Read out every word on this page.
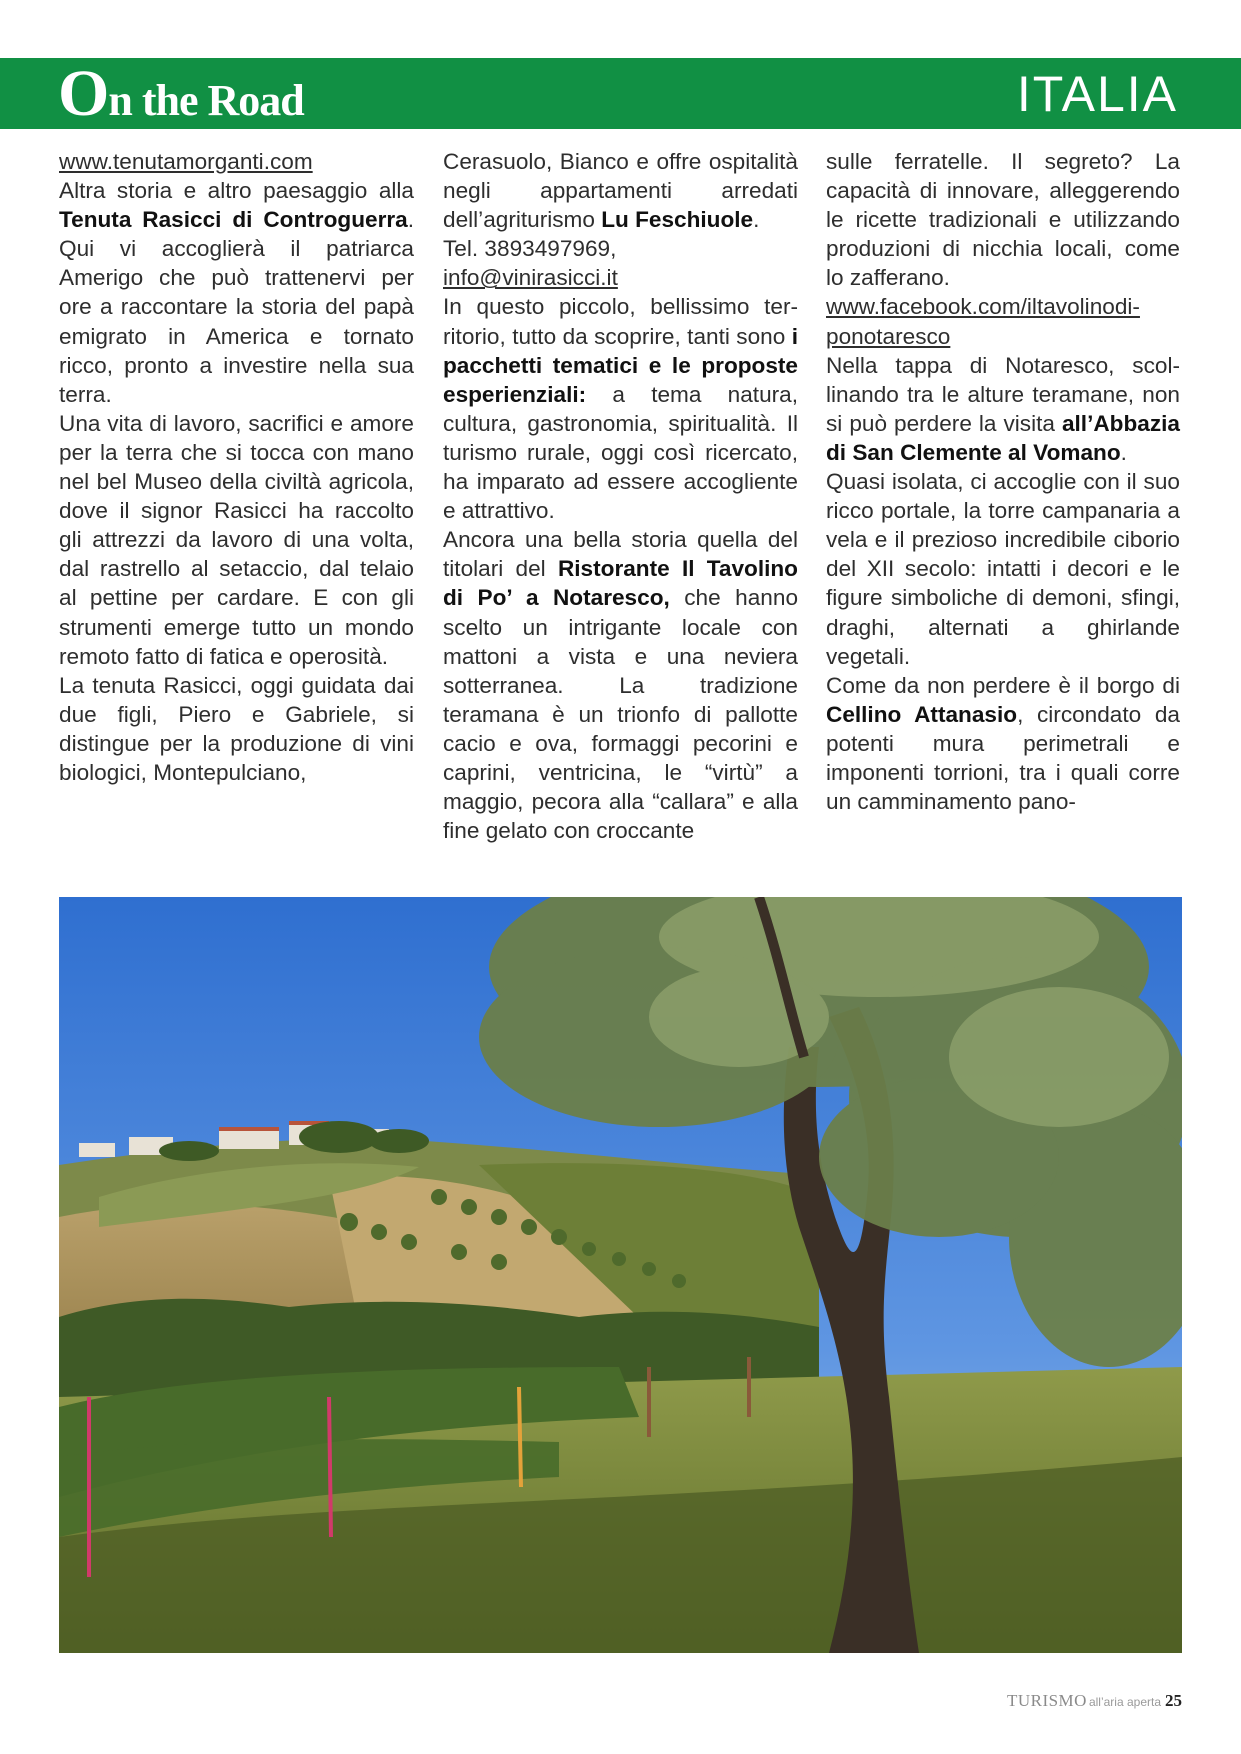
On the Road	ITALIA

www.tenutamorganti.com
Altra storia e altro paesaggio alla Tenuta Rasicci di Controguerra. Qui vi accoglierà il patriarca Amerigo che può trattenervi per ore a raccontare la storia del papà emigrato in America e tornato ricco, pronto a investire nella sua terra.

Una vita di lavoro, sacrifici e amore per la terra che si tocca con mano nel bel Museo della civiltà agricola, dove il signor Rasicci ha raccolto gli attrezzi da lavoro di una volta, dal rastrello al setaccio, dal telaio al pettine per cardare. E con gli strumenti emerge tutto un mondo remoto fatto di fatica e operosità.

La tenuta Rasicci, oggi guidata dai due figli, Piero e Gabriele, si distingue per la produzione di vini biologici, Montepulciano,

Cerasuolo, Bianco e offre ospitalità negli appartamenti arredati dell’agriturismo Lu Feschiuole.
Tel. 3893497969,
info@vinirasicci.it

In questo piccolo, bellissimo territorio, tutto da scoprire, tanti sono i pacchetti tematici e le proposte esperienziali: a tema natura, cultura, gastronomia, spiritualità. Il turismo rurale, oggi così ricercato, ha imparato ad essere accogliente e attrattivo.

Ancora una bella storia quella del titolari del Ristorante Il Tavolino di Po’ a Notaresco, che hanno scelto un intrigante locale con mattoni a vista e una neviera sotterranea. La tradizione teramana è un trionfo di pallotte cacio e ova, formaggi pecorini e caprini, ventricina, le “virtù” a maggio, pecora alla “callara” e alla fine gelato con croccante

sulle ferratelle. Il segreto? La capacità di innovare, alleggerendo le ricette tradizionali e utilizzando produzioni di nicchia locali, come lo zafferano.
www.facebook.com/iltavolinodi-
ponotaresco

Nella tappa di Notaresco, scollinando tra le alture teramane, non si può perdere la visita all’Abbazia di San Clemente al Vomano.

Quasi isolata, ci accoglie con il suo ricco portale, la torre campanaria a vela e il prezioso incredibile ciborio del XII secolo: intatti i decori e le figure simboliche di demoni, sfingi, draghi, alternati a ghirlande vegetali.

Come da non perdere è il borgo di Cellino Attanasio, circondato da potenti mura perimetrali e imponenti torrioni, tra i quali corre un camminamento pano-

TURISMO all’aria aperta 25
